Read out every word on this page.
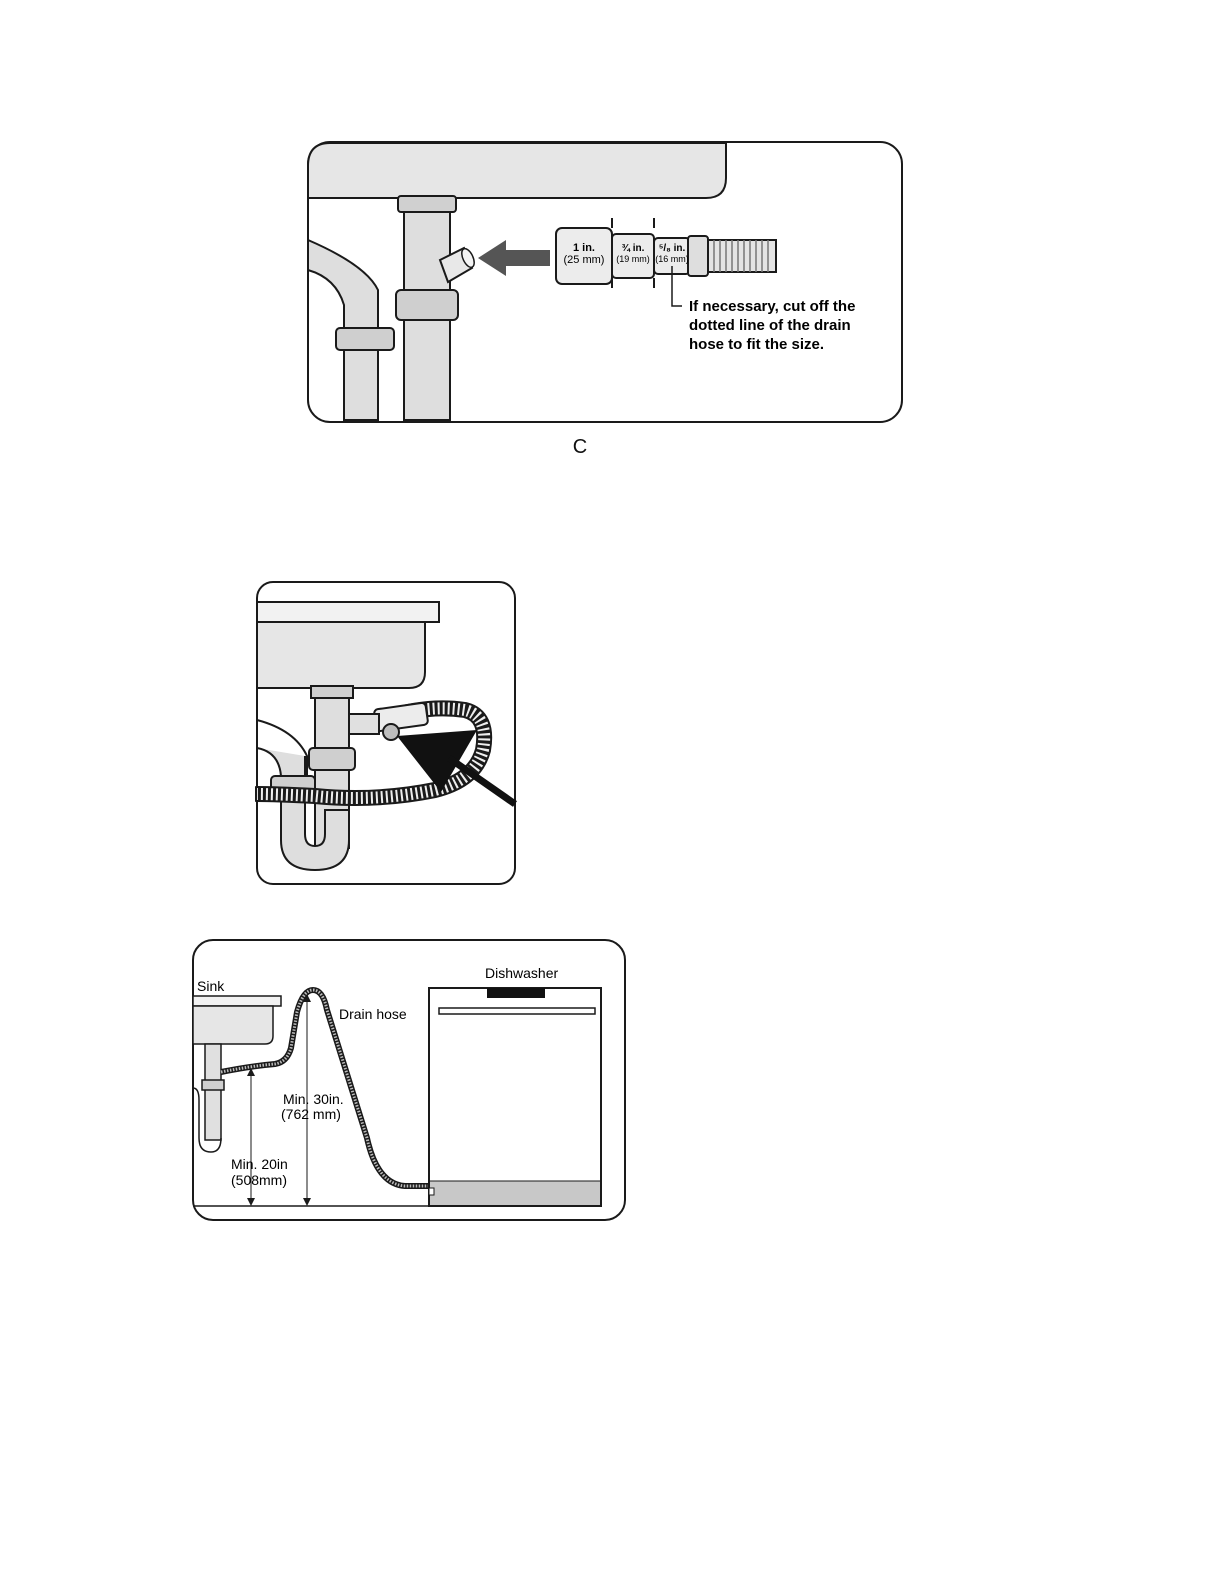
1 in.
(25 mm)
¾ in.
(19 mm)
⁵/₈ in.
(16 mm)
If necessary, cut off the
dotted line of the drain
hose to fit the size.
C
Sink
Dishwasher
Drain hose
Min. 30in.
(762 mm)
Min. 20in
(508mm)
